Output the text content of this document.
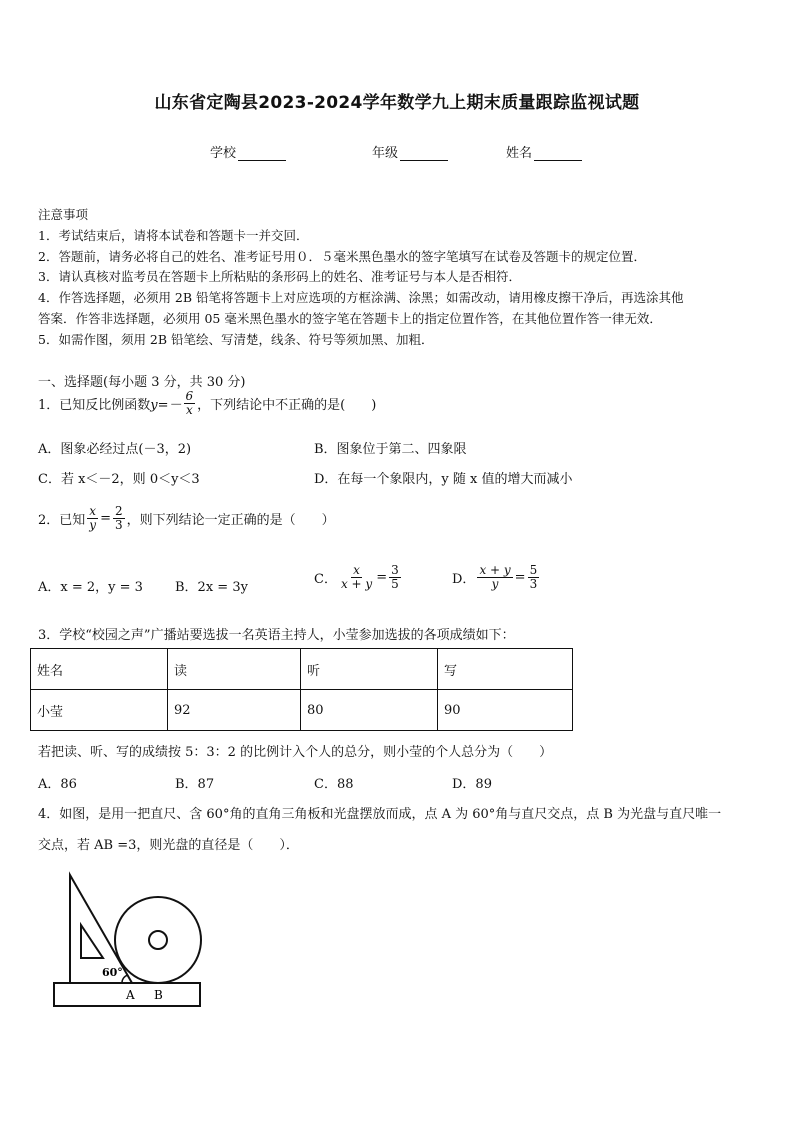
山东省定陶县2023-2024学年数学九上期末质量跟踪监视试题
学校	年级	姓名
注意事项
1．考试结束后，请将本试卷和答题卡一并交回．
2．答题前，请务必将自己的姓名、准考证号用０．５毫米黑色墨水的签字笔填写在试卷及答题卡的规定位置．
3．请认真核对监考员在答题卡上所粘贴的条形码上的姓名、准考证号与本人是否相符．
4．作答选择题，必须用 2B 铅笔将答题卡上对应选项的方框涂满、涂黑；如需改动，请用橡皮擦干净后，再选涂其他
答案．作答非选择题，必须用 05 毫米黑色墨水的签字笔在答题卡上的指定位置作答，在其他位置作答一律无效．
5．如需作图，须用 2B 铅笔绘、写清楚，线条、符号等须加黑、加粗．
一、选择题(每小题 3 分，共 30 分)
1．已知反比例函数 $y=- \frac{6}{x}$ ，下列结论中不正确的是(　　)
A．图象必经过点(－3，2)	B．图象位于第二、四象限
C．若 x＜－2，则 0＜y＜3	D．在每一个象限内，y 随 x 值的增大而减小
2．已知 $\frac{x}{y} = \frac{2}{3}$ ，则下列结论一定正确的是（　　）
A．x = 2，y = 3 B．2x = 3y
C． $\frac{x}{x + y} = \frac{3}{5}$	D． $\frac{x + y}{y} = \frac{5}{3}$
3．学校“校园之声”广播站要选拔一名英语主持人，小莹参加选拔的各项成绩如下：
姓名	读	听	写
小莹	92	80	90
若把读、听、写的成绩按 5：3：2 的比例计入个人的总分，则小莹的个人总分为（　　）
A．86	B．87	C．88	D．89
4．如图，是用一把直尺、含 60°角的直角三角板和光盘摆放而成，点 A 为 60°角与直尺交点，点 B 为光盘与直尺唯一
交点，若 AB =3，则光盘的直径是（　　）．
60°
A B
